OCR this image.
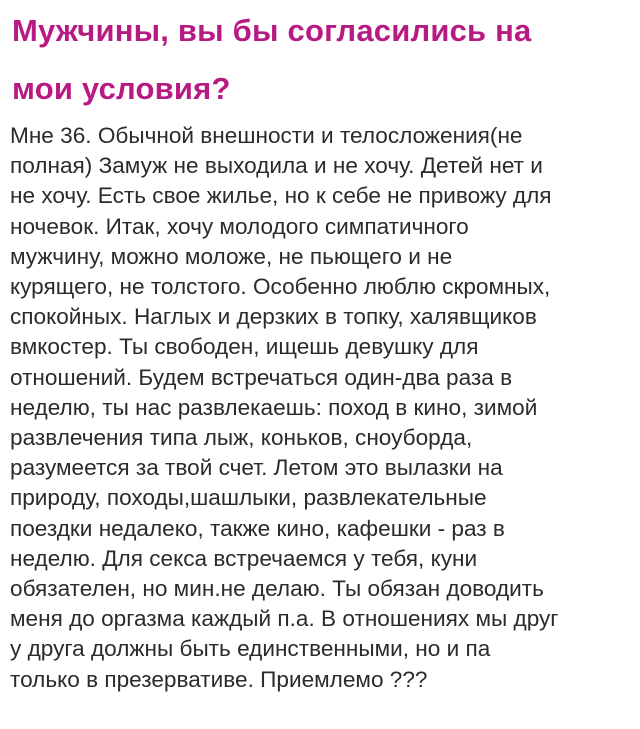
Мужчины, вы бы согласились на
мои условия?
Мне 36. Обычной внешности и телосложения(не
полная) Замуж не выходила и не хочу. Детей нет и
не хочу. Есть свое жилье, но к себе не привожу для
ночевок. Итак, хочу молодого симпатичного
мужчину, можно моложе, не пьющего и не
курящего, не толстого. Особенно люблю скромных,
спокойных. Наглых и дерзких в топку, халявщиков
вмкостер. Ты свободен, ищешь девушку для
отношений. Будем встречаться один-два раза в
неделю, ты нас развлекаешь: поход в кино, зимой
развлечения типа лыж, коньков, сноуборда,
разумеется за твой счет. Летом это вылазки на
природу, походы,шашлыки, развлекательные
поездки недалеко, также кино, кафешки - раз в
неделю. Для секса встречаемся у тебя, куни
обязателен, но мин.не делаю. Ты обязан доводить
меня до оргазма каждый п.а. В отношениях мы друг
у друга должны быть единственными, но и па
только в презервативе. Приемлемо ???
